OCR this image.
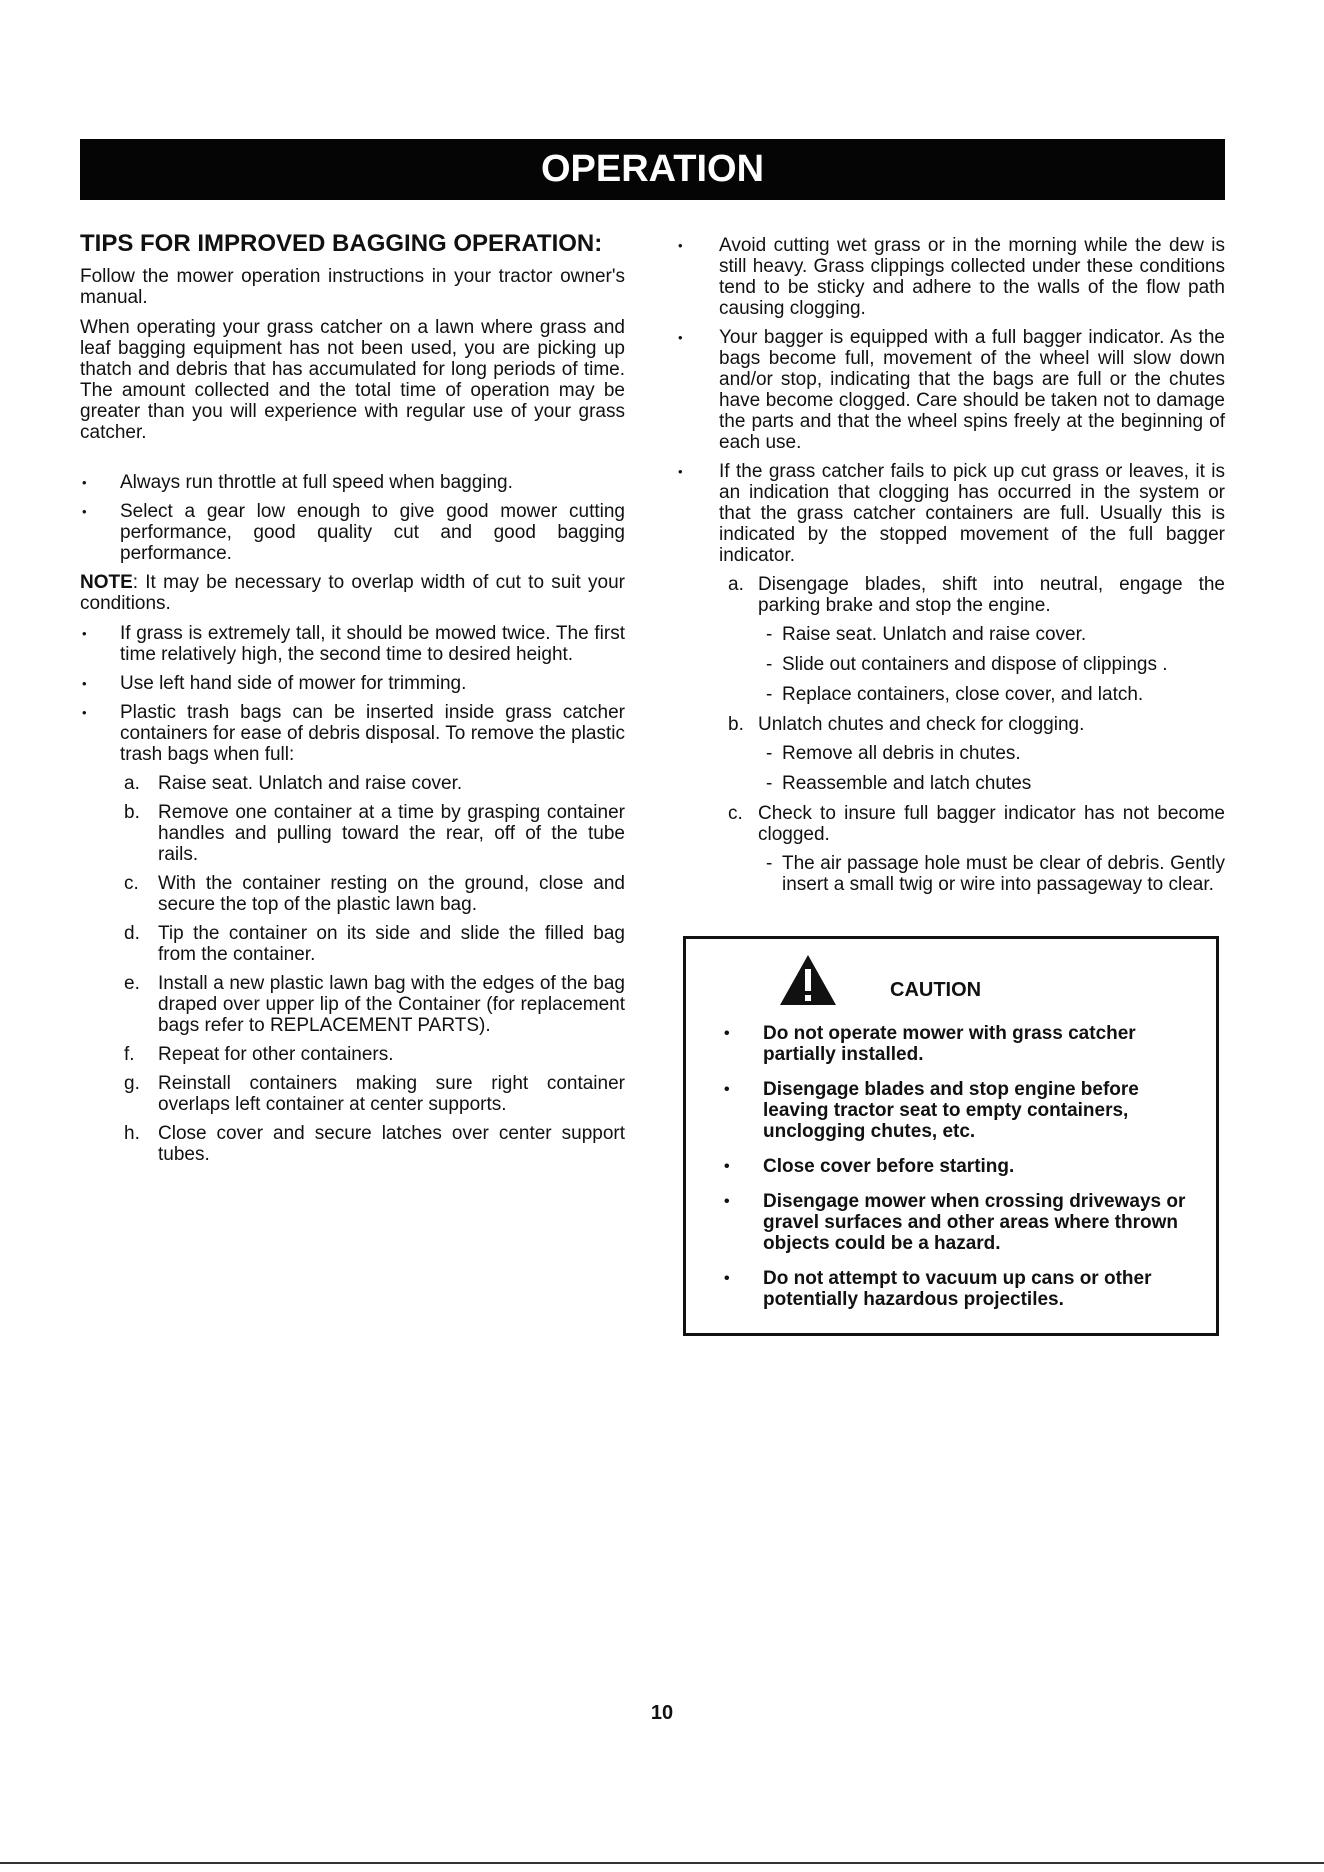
OPERATION
TIPS FOR IMPROVED BAGGING OPERATION:

Follow the mower operation instructions in your tractor owner's manual.

When operating your grass catcher on a lawn where grass and leaf bagging equipment has not been used, you are picking up thatch and debris that has accumulated for long periods of time. The amount collected and the total time of operation may be greater than you will experience with regular use of your grass catcher.

• Always run throttle at full speed when bagging.
• Select a gear low enough to give good mower cutting performance, good quality cut and good bagging performance.

NOTE: It may be necessary to overlap width of cut to suit your conditions.

• If grass is extremely tall, it should be mowed twice. The first time relatively high, the second time to desired height.
• Use left hand side of mower for trimming.
• Plastic trash bags can be inserted inside grass catcher containers for ease of debris disposal. To remove the plastic trash bags when full:
a. Raise seat. Unlatch and raise cover.
b. Remove one container at a time by grasping container handles and pulling toward the rear, off of the tube rails.
c. With the container resting on the ground, close and secure the top of the plastic lawn bag.
d. Tip the container on its side and slide the filled bag from the container.
e. Install a new plastic lawn bag with the edges of the bag draped over upper lip of the Container (for replacement bags refer to REPLACEMENT PARTS).
f. Repeat for other containers.
g. Reinstall containers making sure right container overlaps left container at center supports.
h. Close cover and secure latches over center support tubes.
• Avoid cutting wet grass or in the morning while the dew is still heavy. Grass clippings collected under these conditions tend to be sticky and adhere to the walls of the flow path causing clogging.
• Your bagger is equipped with a full bagger indicator. As the bags become full, movement of the wheel will slow down and/or stop, indicating that the bags are full or the chutes have become clogged. Care should be taken not to damage the parts and that the wheel spins freely at the beginning of each use.
• If the grass catcher fails to pick up cut grass or leaves, it is an indication that clogging has occurred in the system or that the grass catcher containers are full. Usually this is indicated by the stopped movement of the full bagger indicator.
a. Disengage blades, shift into neutral, engage the parking brake and stop the engine.
- Raise seat. Unlatch and raise cover.
- Slide out containers and dispose of clippings .
- Replace containers, close cover, and latch.
b. Unlatch chutes and check for clogging.
- Remove all debris in chutes.
- Reassemble and latch chutes
c. Check to insure full bagger indicator has not become clogged.
- The air passage hole must be clear of debris. Gently insert a small twig or wire into passageway to clear.
CAUTION
• Do not operate mower with grass catcher partially installed.
• Disengage blades and stop engine before leaving tractor seat to empty containers, unclogging chutes, etc.
• Close cover before starting.
• Disengage mower when crossing driveways or gravel surfaces and other areas where thrown objects could be a hazard.
• Do not attempt to vacuum up cans or other potentially hazardous projectiles.
10
